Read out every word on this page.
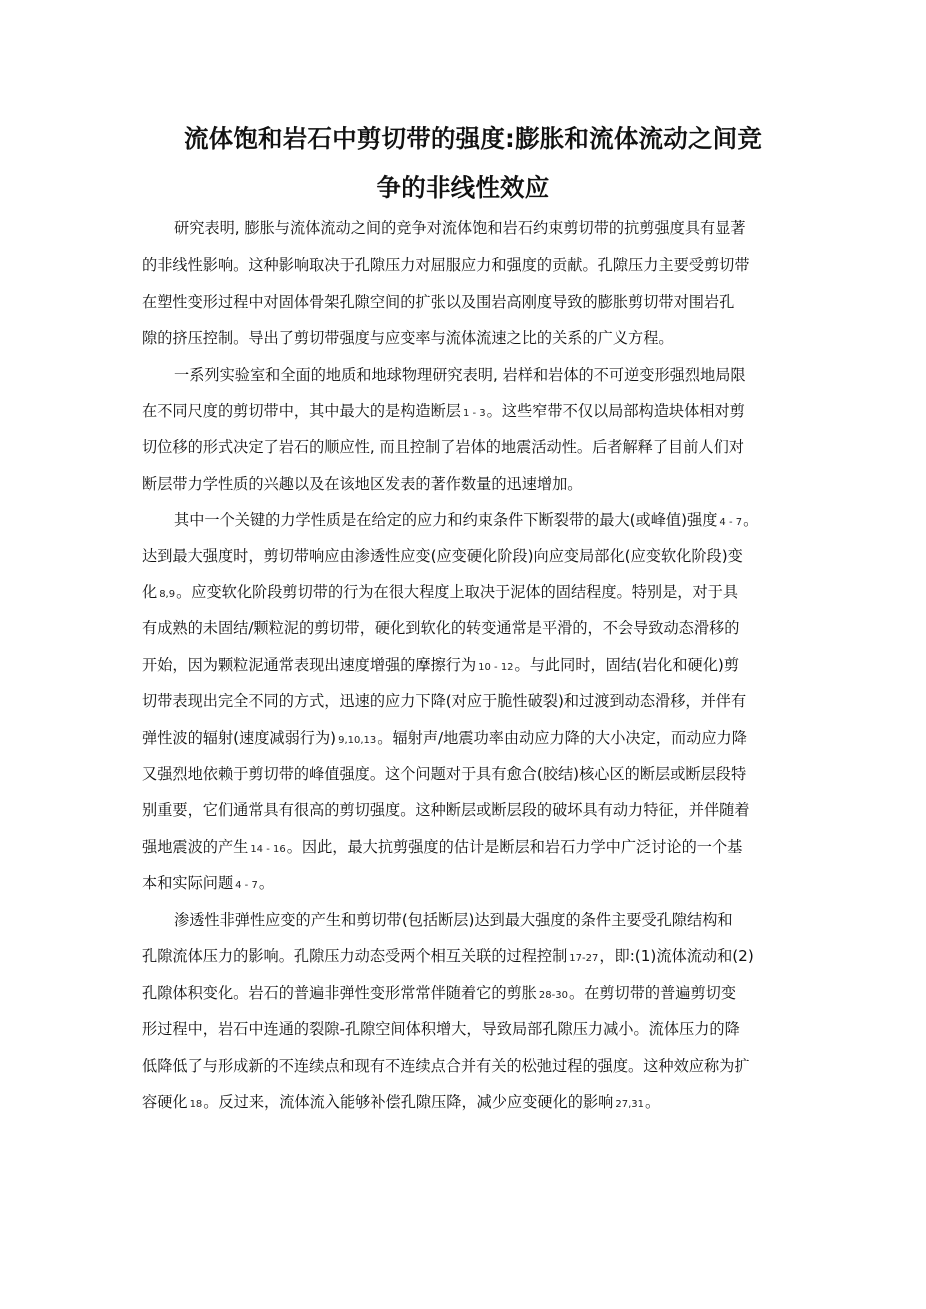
流体饱和岩石中剪切带的强度:膨胀和流体流动之间竞
争的非线性效应
研究表明, 膨胀与流体流动之间的竞争对流体饱和岩石约束剪切带的抗剪强度具有显著
的非线性影响。这种影响取决于孔隙压力对屈服应力和强度的贡献。孔隙压力主要受剪切带
在塑性变形过程中对固体骨架孔隙空间的扩张以及围岩高刚度导致的膨胀剪切带对围岩孔
隙的挤压控制。导出了剪切带强度与应变率与流体流速之比的关系的广义方程。
一系列实验室和全面的地质和地球物理研究表明, 岩样和岩体的不可逆变形强烈地局限
在不同尺度的剪切带中，其中最大的是构造断层 1 - 3。这些窄带不仅以局部构造块体相对剪
切位移的形式决定了岩石的顺应性, 而且控制了岩体的地震活动性。后者解释了目前人们对
断层带力学性质的兴趣以及在该地区发表的著作数量的迅速增加。
其中一个关键的力学性质是在给定的应力和约束条件下断裂带的最大(或峰值)强度 4 - 7。
达到最大强度时，剪切带响应由渗透性应变(应变硬化阶段)向应变局部化(应变软化阶段)变
化 8,9。应变软化阶段剪切带的行为在很大程度上取决于泥体的固结程度。特别是，对于具
有成熟的未固结/颗粒泥的剪切带，硬化到软化的转变通常是平滑的，不会导致动态滑移的
开始，因为颗粒泥通常表现出速度增强的摩擦行为 10 - 12。与此同时，固结(岩化和硬化)剪
切带表现出完全不同的方式，迅速的应力下降(对应于脆性破裂)和过渡到动态滑移，并伴有
弹性波的辐射(速度减弱行为) 9,10,13。辐射声/地震功率由动应力降的大小决定，而动应力降
又强烈地依赖于剪切带的峰值强度。这个问题对于具有愈合(胶结)核心区的断层或断层段特
别重要，它们通常具有很高的剪切强度。这种断层或断层段的破坏具有动力特征，并伴随着
强地震波的产生 14 - 16。因此，最大抗剪强度的估计是断层和岩石力学中广泛讨论的一个基
本和实际问题 4 - 7。
渗透性非弹性应变的产生和剪切带(包括断层)达到最大强度的条件主要受孔隙结构和
孔隙流体压力的影响。孔隙压力动态受两个相互关联的过程控制 17-27，即:(1)流体流动和(2)
孔隙体积变化。岩石的普遍非弹性变形常常伴随着它的剪胀 28-30。在剪切带的普遍剪切变
形过程中，岩石中连通的裂隙-孔隙空间体积增大，导致局部孔隙压力减小。流体压力的降
低降低了与形成新的不连续点和现有不连续点合并有关的松弛过程的强度。这种效应称为扩
容硬化 18。反过来，流体流入能够补偿孔隙压降，减少应变硬化的影响 27,31。
